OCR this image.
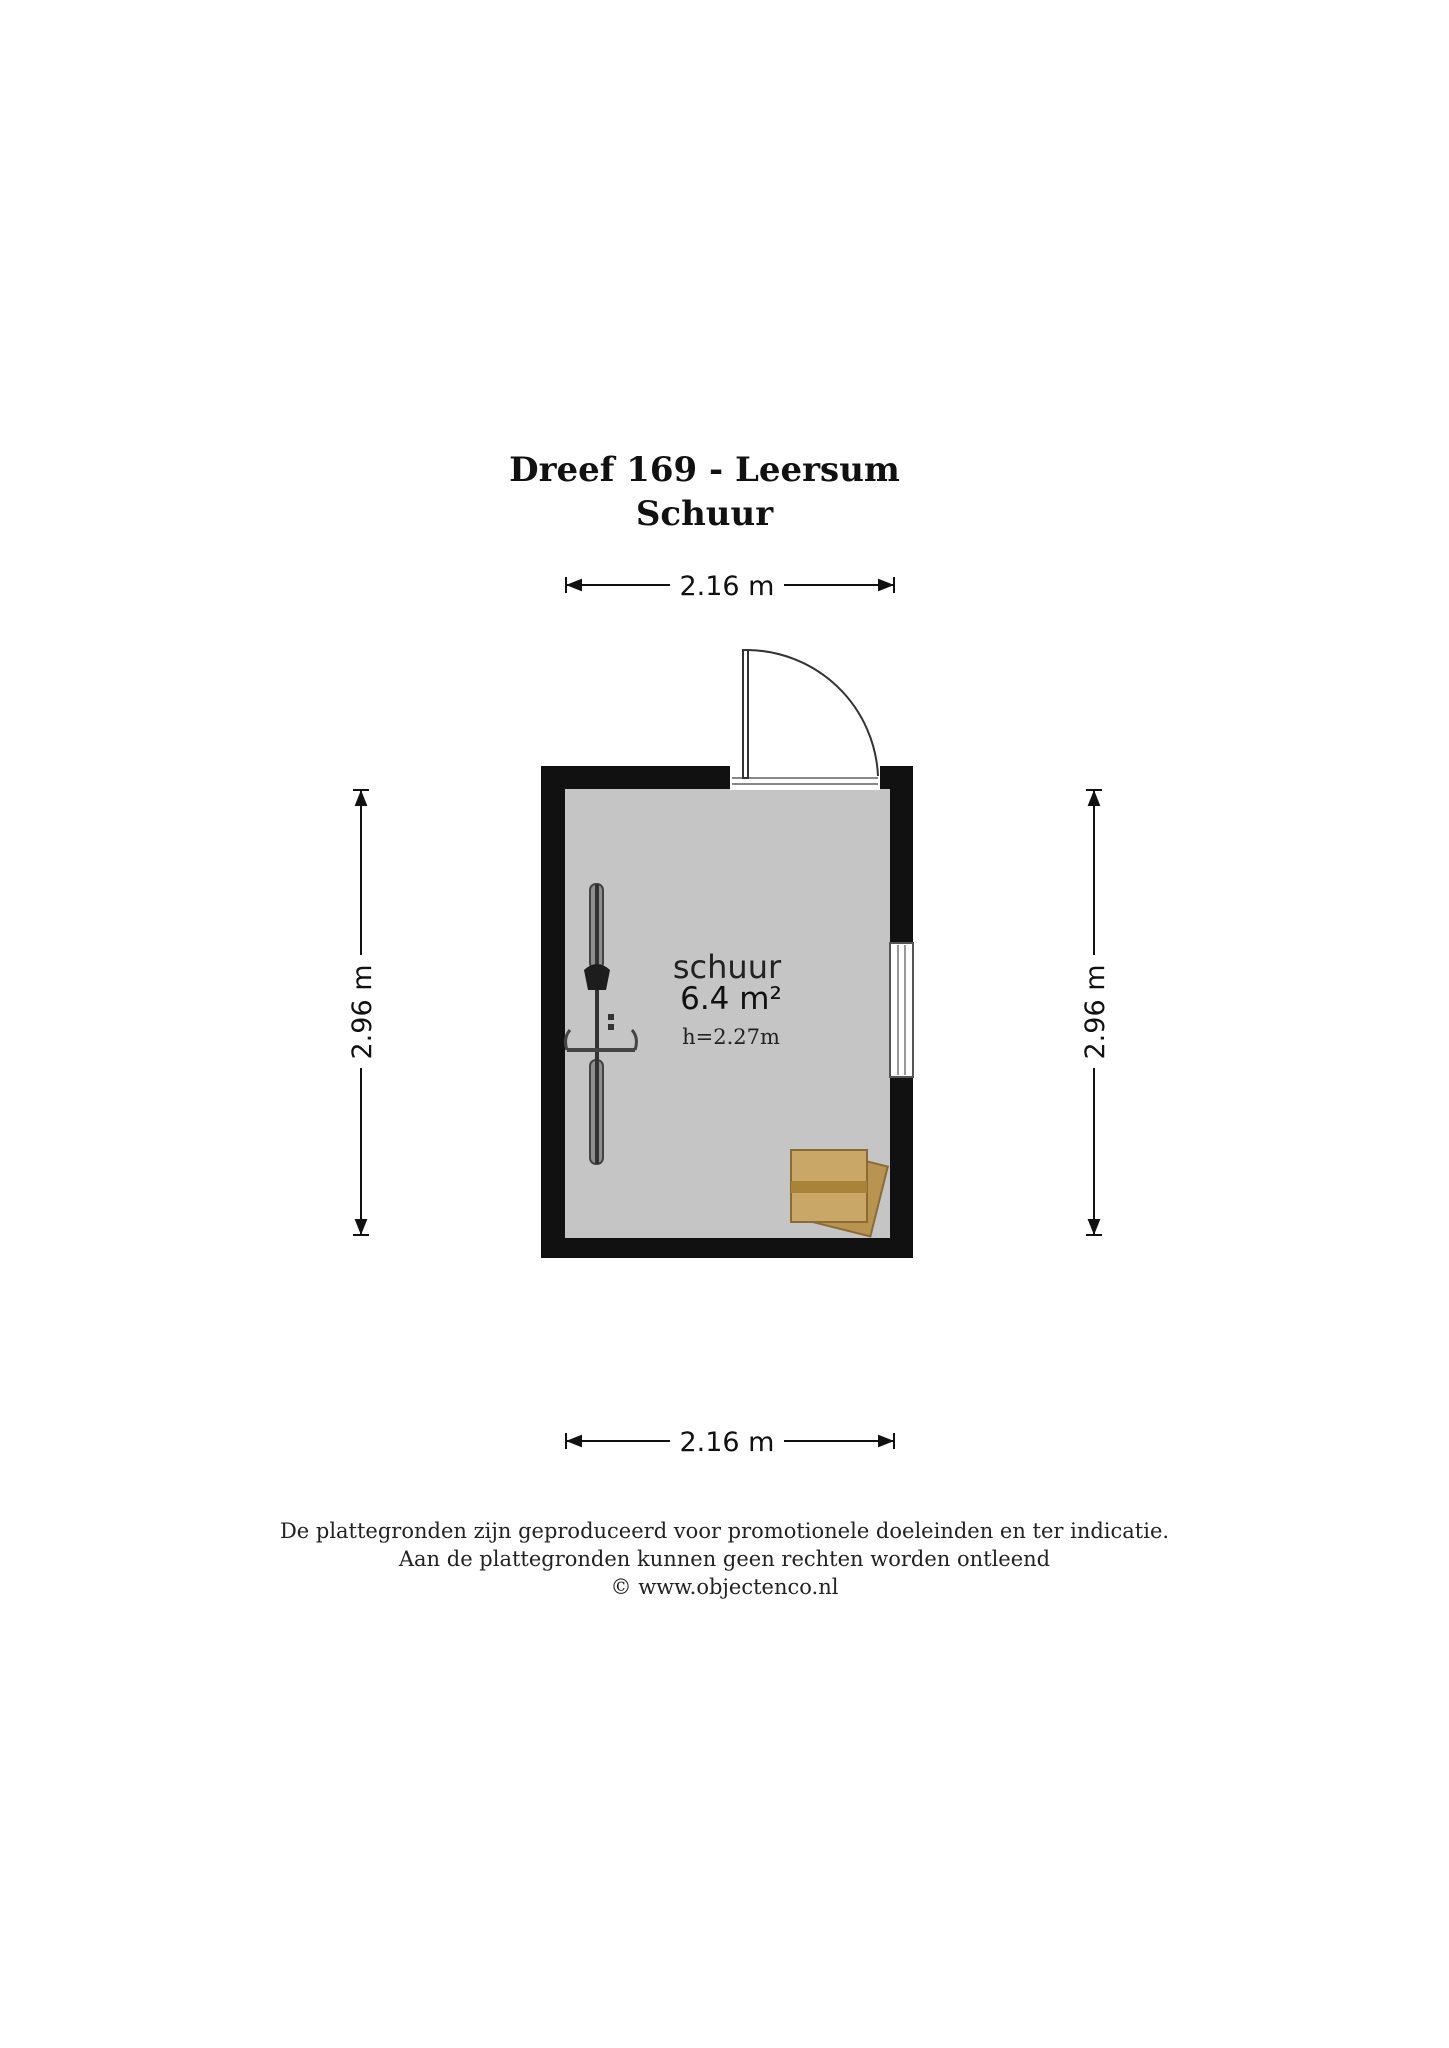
Dreef 169 - Leersum
Schuur
2.16 m
2.16 m
2.96 m	2.96 m
schuur
6.4 m²
h=2.27m
De plattegronden zijn geproduceerd voor promotionele doeleinden en ter indicatie.
Aan de plattegronden kunnen geen rechten worden ontleend
© www.objectenco.nl
